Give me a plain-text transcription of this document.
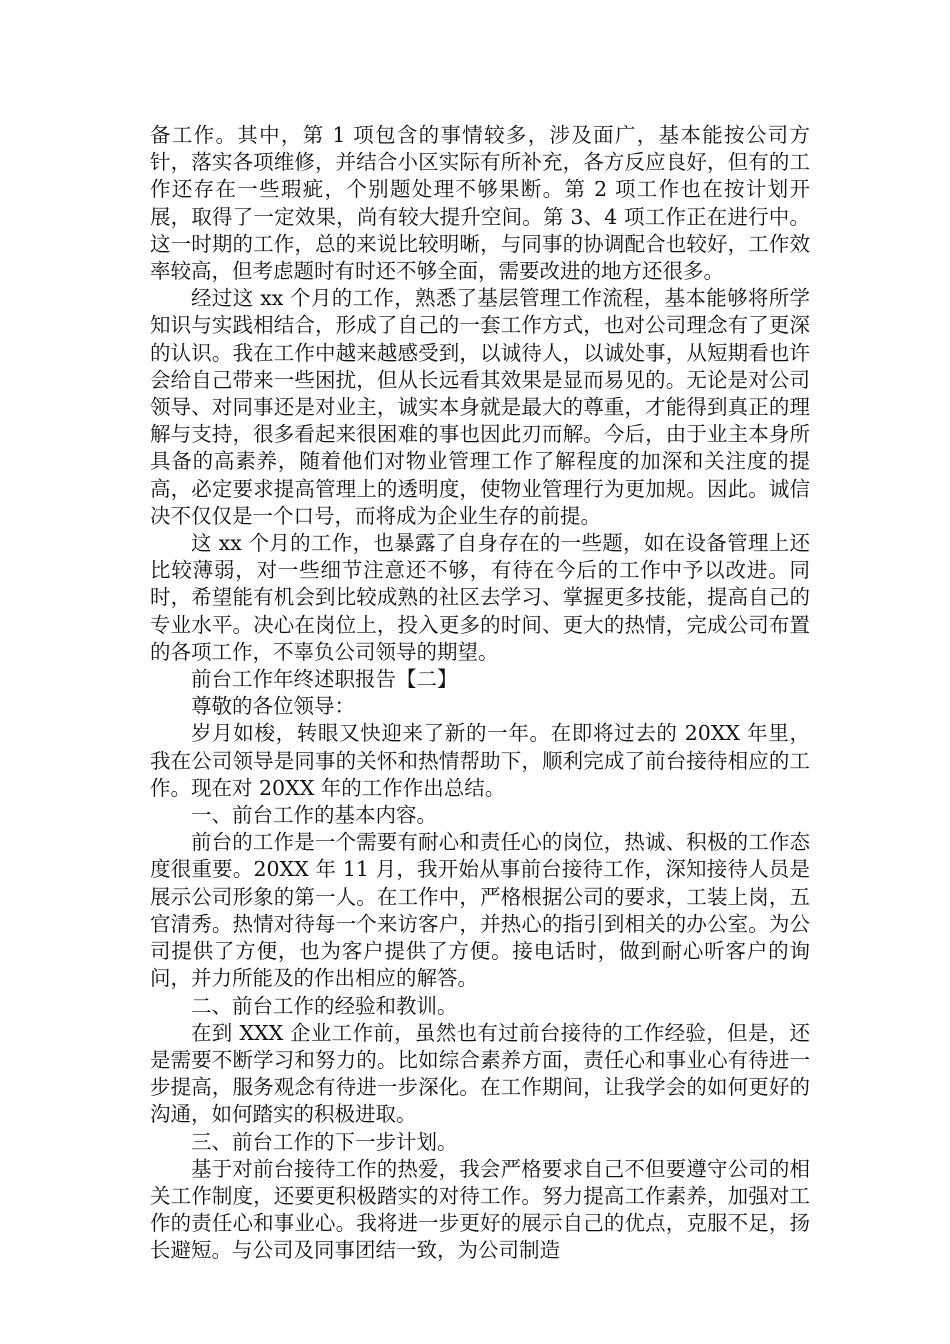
备工作。其中，第 1 项包含的事情较多，涉及面广，基本能按公司方针，落实各项维修，并结合小区实际有所补充，各方反应良好，但有的工作还存在一些瑕疵，个别题处理不够果断。第 2 项工作也在按计划开展，取得了一定效果，尚有较大提升空间。第 3、4 项工作正在进行中。这一时期的工作，总的来说比较明晰，与同事的协调配合也较好，工作效率较高，但考虑题时有时还不够全面，需要改进的地方还很多。

经过这 xx 个月的工作，熟悉了基层管理工作流程，基本能够将所学知识与实践相结合，形成了自己的一套工作方式，也对公司理念有了更深的认识。我在工作中越来越感受到，以诚待人，以诚处事，从短期看也许会给自己带来一些困扰，但从长远看其效果是显而易见的。无论是对公司领导、对同事还是对业主，诚实本身就是最大的尊重，才能得到真正的理解与支持，很多看起来很困难的事也因此刃而解。今后，由于业主本身所具备的高素养，随着他们对物业管理工作了解程度的加深和关注度的提高，必定要求提高管理上的透明度，使物业管理行为更加规。因此。诚信决不仅仅是一个口号，而将成为企业生存的前提。

这 xx 个月的工作，也暴露了自身存在的一些题，如在设备管理上还比较薄弱，对一些细节注意还不够，有待在今后的工作中予以改进。同时，希望能有机会到比较成熟的社区去学习、掌握更多技能，提高自己的专业水平。决心在岗位上，投入更多的时间、更大的热情，完成公司布置的各项工作，不辜负公司领导的期望。

前台工作年终述职报告【二】

尊敬的各位领导：

岁月如梭，转眼又快迎来了新的一年。在即将过去的 20XX 年里，我在公司领导是同事的关怀和热情帮助下，顺利完成了前台接待相应的工作。现在对 20XX 年的工作作出总结。

一、前台工作的基本内容。

前台的工作是一个需要有耐心和责任心的岗位，热诚、积极的工作态度很重要。20XX 年 11 月，我开始从事前台接待工作，深知接待人员是展示公司形象的第一人。在工作中，严格根据公司的要求，工装上岗，五官清秀。热情对待每一个来访客户，并热心的指引到相关的办公室。为公司提供了方便，也为客户提供了方便。接电话时，做到耐心听客户的询问，并力所能及的作出相应的解答。

二、前台工作的经验和教训。

在到 XXX 企业工作前，虽然也有过前台接待的工作经验，但是，还是需要不断学习和努力的。比如综合素养方面，责任心和事业心有待进一步提高，服务观念有待进一步深化。在工作期间，让我学会的如何更好的沟通，如何踏实的积极进取。

三、前台工作的下一步计划。

基于对前台接待工作的热爱，我会严格要求自己不但要遵守公司的相关工作制度，还要更积极踏实的对待工作。努力提高工作素养，加强对工作的责任心和事业心。我将进一步更好的展示自己的优点，克服不足，扬长避短。与公司及同事团结一致，为公司制造
